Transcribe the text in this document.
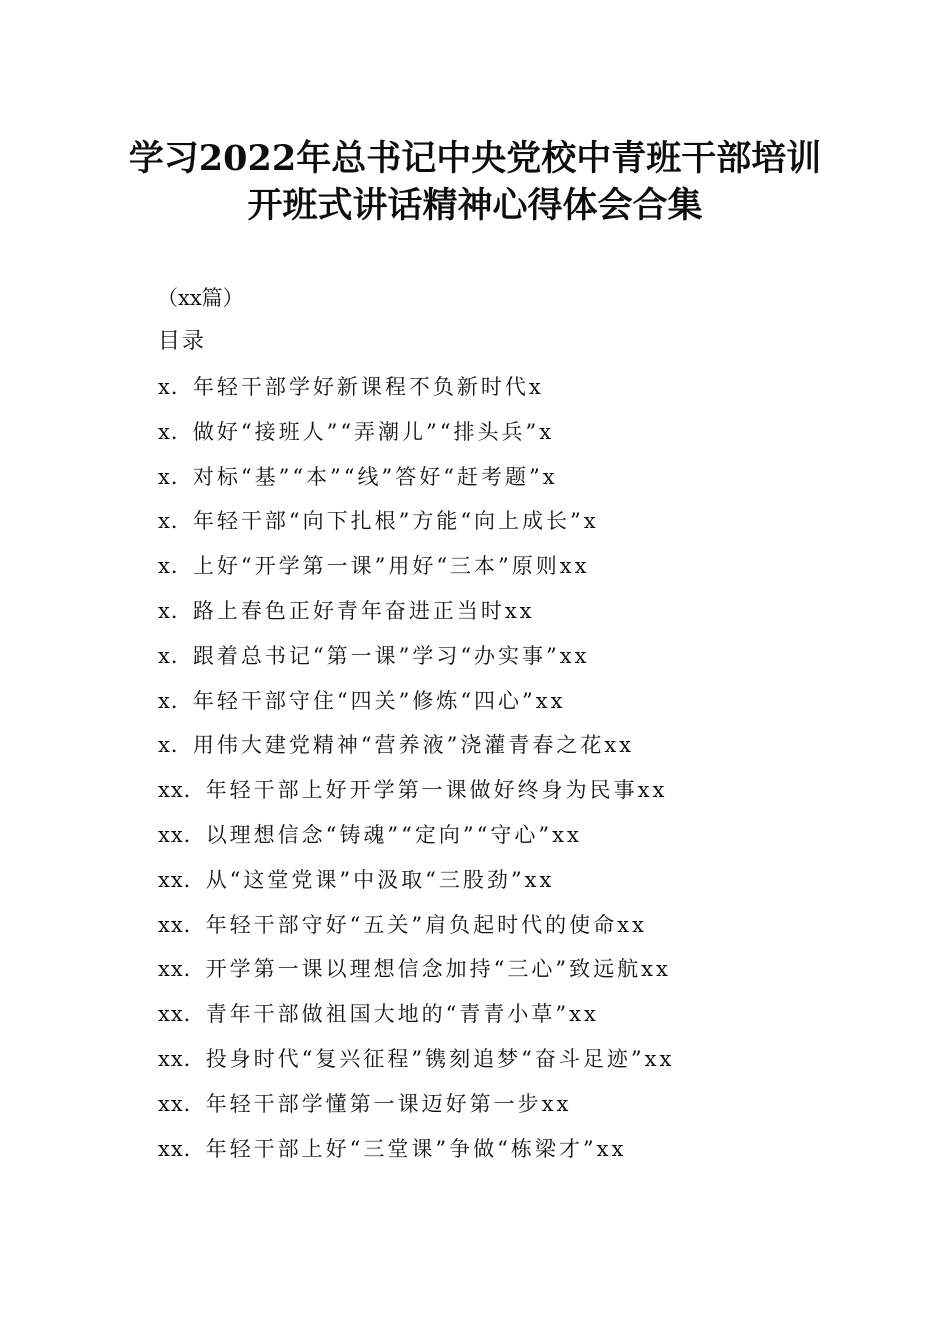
学习2022年总书记中央党校中青班干部培训
开班式讲话精神心得体会合集
（xx篇）
目录
x．年轻干部学好新课程不负新时代x
x．做好“接班人”“弄潮儿”“排头兵”x
x．对标“基”“本”“线”答好“赶考题”x
x．年轻干部“向下扎根”方能“向上成长”x
x．上好“开学第一课”用好“三本”原则xx
x．路上春色正好青年奋进正当时xx
x．跟着总书记“第一课”学习“办实事”xx
x．年轻干部守住“四关”修炼“四心”xx
x．用伟大建党精神“营养液”浇灌青春之花xx
xx．年轻干部上好开学第一课做好终身为民事xx
xx．以理想信念“铸魂”“定向”“守心”xx
xx．从“这堂党课”中汲取“三股劲”xx
xx．年轻干部守好“五关”肩负起时代的使命xx
xx．开学第一课以理想信念加持“三心”致远航xx
xx．青年干部做祖国大地的“青青小草”xx
xx．投身时代“复兴征程”镌刻追梦“奋斗足迹”xx
xx．年轻干部学懂第一课迈好第一步xx
xx．年轻干部上好“三堂课”争做“栋梁才”xx
